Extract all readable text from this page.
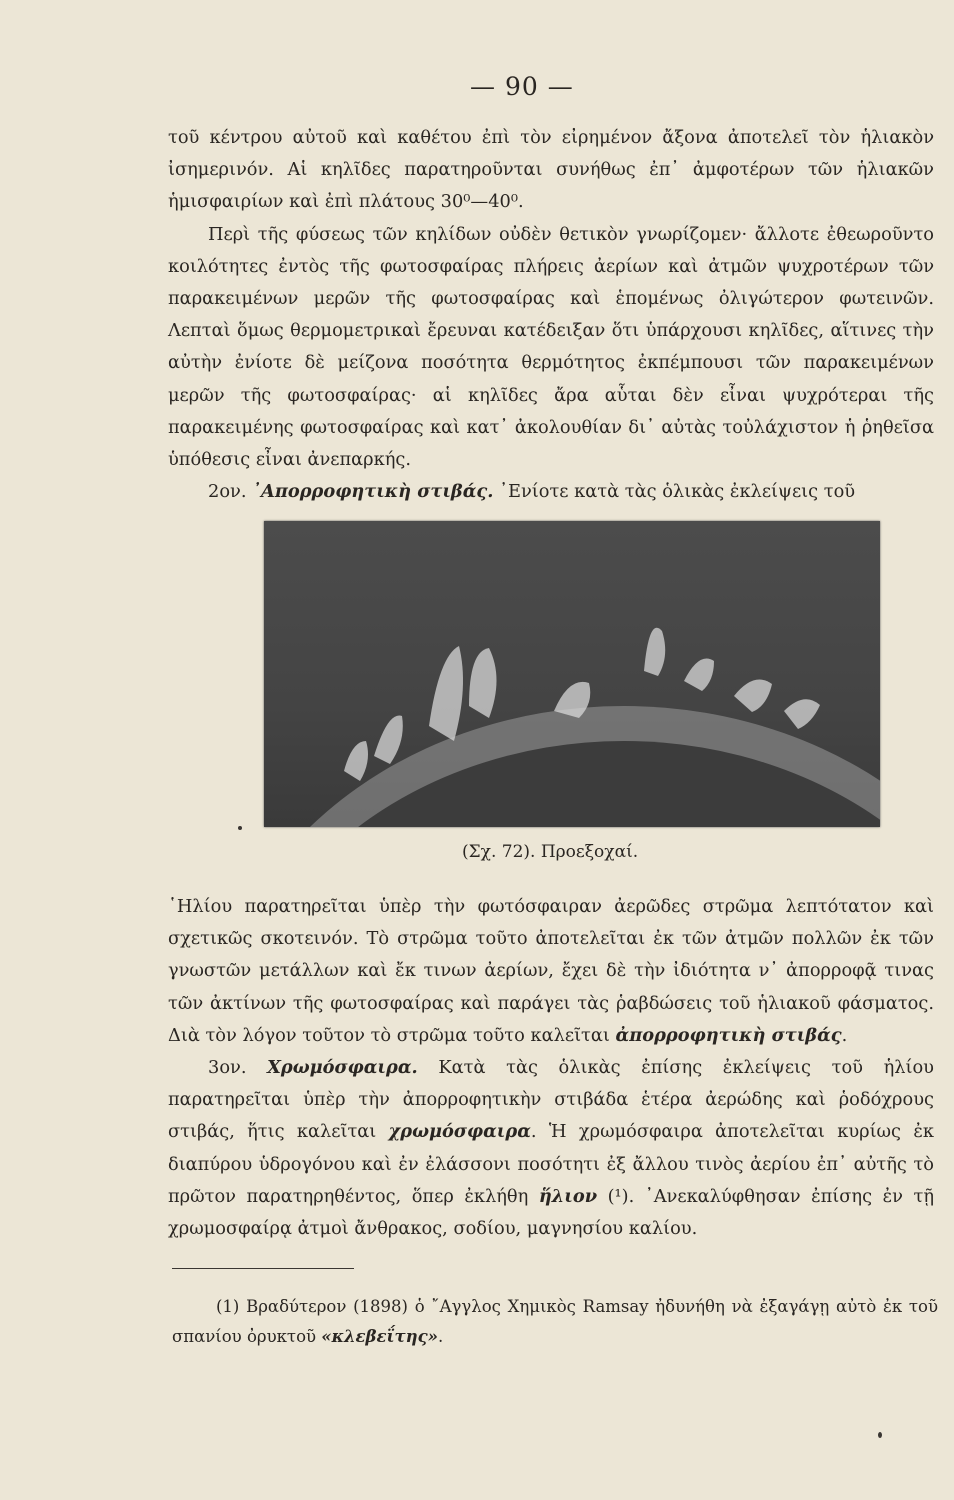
— 90 —

τοῦ κέντρου αὐτοῦ καὶ καθέτου ἐπὶ τὸν εἰρημένον ἄξονα ἀποτελεῖ τὸν ἡλιακὸν ἰσημερινόν. Αἱ κηλῖδες παρατηροῦνται συνήθως ἐπ᾿ ἀμφοτέρων τῶν ἡλιακῶν ἡμισφαιρίων καὶ ἐπὶ πλάτους 30⁰—40⁰.

Περὶ τῆς φύσεως τῶν κηλίδων οὐδὲν θετικὸν γνωρίζομεν· ἄλλοτε ἐθεωροῦντο κοιλότητες ἐντὸς τῆς φωτοσφαίρας πλήρεις ἀερίων καὶ ἀτμῶν ψυχροτέρων τῶν παρακειμένων μερῶν τῆς φωτοσφαίρας καὶ ἑπομένως ὀλιγώτερον φωτεινῶν. Λεπταὶ ὅμως θερμομετρικαὶ ἔρευναι κατέδειξαν ὅτι ὑπάρχουσι κηλῖδες, αἵτινες τὴν αὐτὴν ἐνίοτε δὲ μείζονα ποσότητα θερμότητος ἐκπέμπουσι τῶν παρακειμένων μερῶν τῆς φωτοσφαίρας· αἱ κηλῖδες ἄρα αὗται δὲν εἶναι ψυχρότεραι τῆς παρακειμένης φωτοσφαίρας καὶ κατ᾿ ἀκολουθίαν δι᾿ αὐτὰς τοὐλάχιστον ἡ ῥηθεῖσα ὑπόθεσις εἶναι ἀνεπαρκής.

2ον. ᾿Απορροφητικὴ στιβάς. ᾿Ενίοτε κατὰ τὰς ὁλικὰς ἐκλείψεις τοῦ

(Σχ. 72). Προεξοχαί.

῾Ηλίου παρατηρεῖται ὑπὲρ τὴν φωτόσφαιραν ἀερῶδες στρῶμα λεπτότατον καὶ σχετικῶς σκοτεινόν. Τὸ στρῶμα τοῦτο ἀποτελεῖται ἐκ τῶν ἀτμῶν πολλῶν ἐκ τῶν γνωστῶν μετάλλων καὶ ἔκ τινων ἀερίων, ἔχει δὲ τὴν ἰδιότητα ν᾿ ἀπορροφᾷ τινας τῶν ἀκτίνων τῆς φωτοσφαίρας καὶ παράγει τὰς ῥαβδώσεις τοῦ ἡλιακοῦ φάσματος. Διὰ τὸν λόγον τοῦτον τὸ στρῶμα τοῦτο καλεῖται ἀπορροφητικὴ στιβάς.

3ον. Χρωμόσφαιρα. Κατὰ τὰς ὁλικὰς ἐπίσης ἐκλείψεις τοῦ ἡλίου παρατηρεῖται ὑπὲρ τὴν ἀπορροφητικὴν στιβάδα ἑτέρα ἀερώδης καὶ ῥοδόχρους στιβάς, ἥτις καλεῖται χρωμόσφαιρα. Ἡ χρωμόσφαιρα ἀποτελεῖται κυρίως ἐκ διαπύρου ὑδρογόνου καὶ ἐν ἐλάσσονι ποσότητι ἐξ ἄλλου τινὸς ἀερίου ἐπ᾿ αὐτῆς τὸ πρῶτον παρατηρηθέντος, ὅπερ ἐκλήθη ἥλιον (¹). ᾿Ανεκαλύφθησαν ἐπίσης ἐν τῇ χρωμοσφαίρᾳ ἀτμοὶ ἄνθρακος, σοδίου, μαγνησίου καλίου.

(1) Βραδύτερον (1898) ὁ ῎Αγγλος Χημικὸς Ramsay ἠδυνήθη νὰ ἐξαγάγῃ αὐτὸ ἐκ τοῦ σπανίου ὀρυκτοῦ «κλεβεΐτης».
